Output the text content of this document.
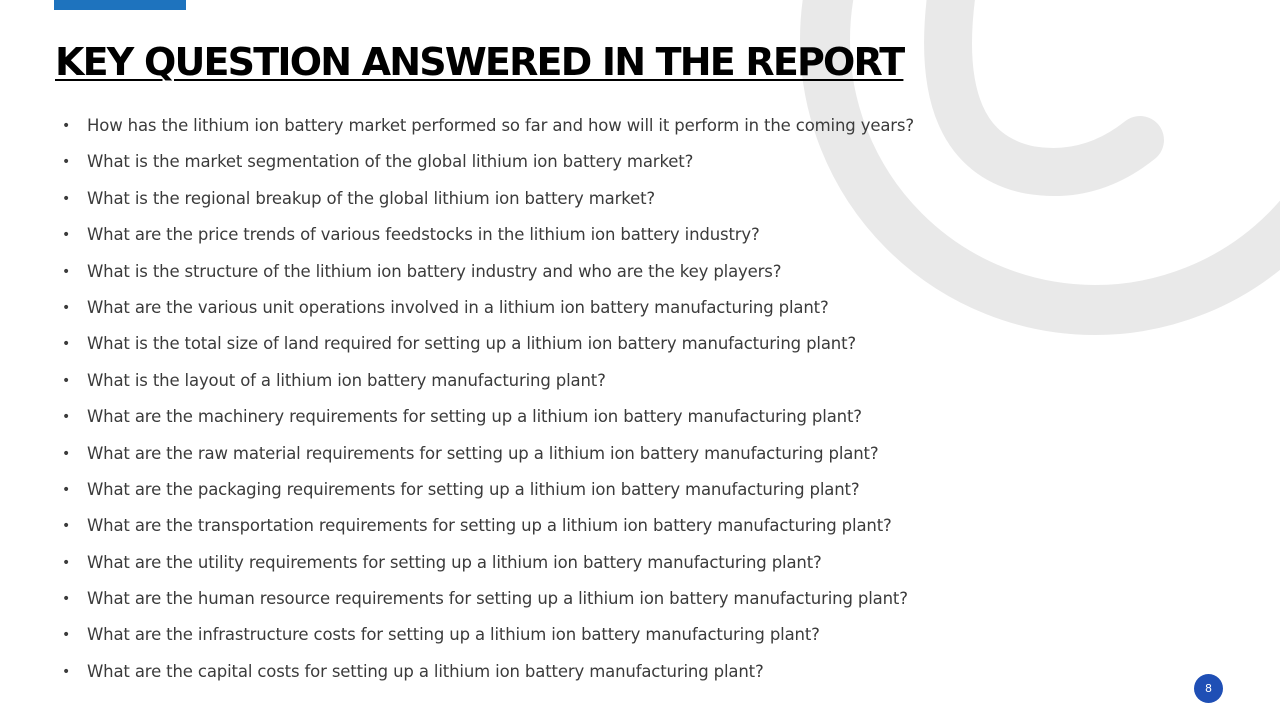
KEY QUESTION ANSWERED IN THE REPORT
• How has the lithium ion battery market performed so far and how will it perform in the coming years?
• What is the market segmentation of the global lithium ion battery market?
• What is the regional breakup of the global lithium ion battery market?
• What are the price trends of various feedstocks in the lithium ion battery industry?
• What is the structure of the lithium ion battery industry and who are the key players?
• What are the various unit operations involved in a lithium ion battery manufacturing plant?
• What is the total size of land required for setting up a lithium ion battery manufacturing plant?
• What is the layout of a lithium ion battery manufacturing plant?
• What are the machinery requirements for setting up a lithium ion battery manufacturing plant?
• What are the raw material requirements for setting up a lithium ion battery manufacturing plant?
• What are the packaging requirements for setting up a lithium ion battery manufacturing plant?
• What are the transportation requirements for setting up a lithium ion battery manufacturing plant?
• What are the utility requirements for setting up a lithium ion battery manufacturing plant?
• What are the human resource requirements for setting up a lithium ion battery manufacturing plant?
• What are the infrastructure costs for setting up a lithium ion battery manufacturing plant?
• What are the capital costs for setting up a lithium ion battery manufacturing plant?
8
